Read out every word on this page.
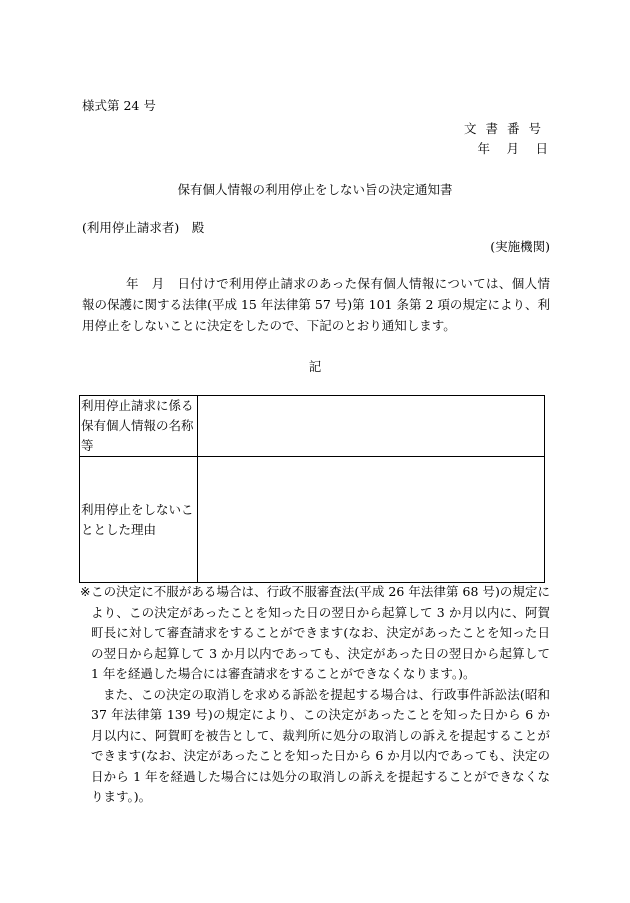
様式第 24 号
文書番号
年　月　日
保有個人情報の利用停止をしない旨の決定通知書
(利用停止請求者)　殿
(実施機関)
年　月　日付けで利用停止請求のあった保有個人情報については、個人情報の保護に関する法律(平成 15 年法律第 57 号)第 101 条第 2 項の規定により、利用停止をしないことに決定をしたので、下記のとおり通知します。
記
利用停止請求に係る保有個人情報の名称等	
利用停止をしないこととした理由	
※この決定に不服がある場合は、行政不服審査法(平成 26 年法律第 68 号)の規定により、この決定があったことを知った日の翌日から起算して 3 か月以内に、阿賀町長に対して審査請求をすることができます(なお、決定があったことを知った日の翌日から起算して 3 か月以内であっても、決定があった日の翌日から起算して 1 年を経過した場合には審査請求をすることができなくなります。)。
また、この決定の取消しを求める訴訟を提起する場合は、行政事件訴訟法(昭和 37 年法律第 139 号)の規定により、この決定があったことを知った日から 6 か月以内に、阿賀町を被告として、裁判所に処分の取消しの訴えを提起することができます(なお、決定があったことを知った日から 6 か月以内であっても、決定の日から 1 年を経過した場合には処分の取消しの訴えを提起することができなくなります。)。
